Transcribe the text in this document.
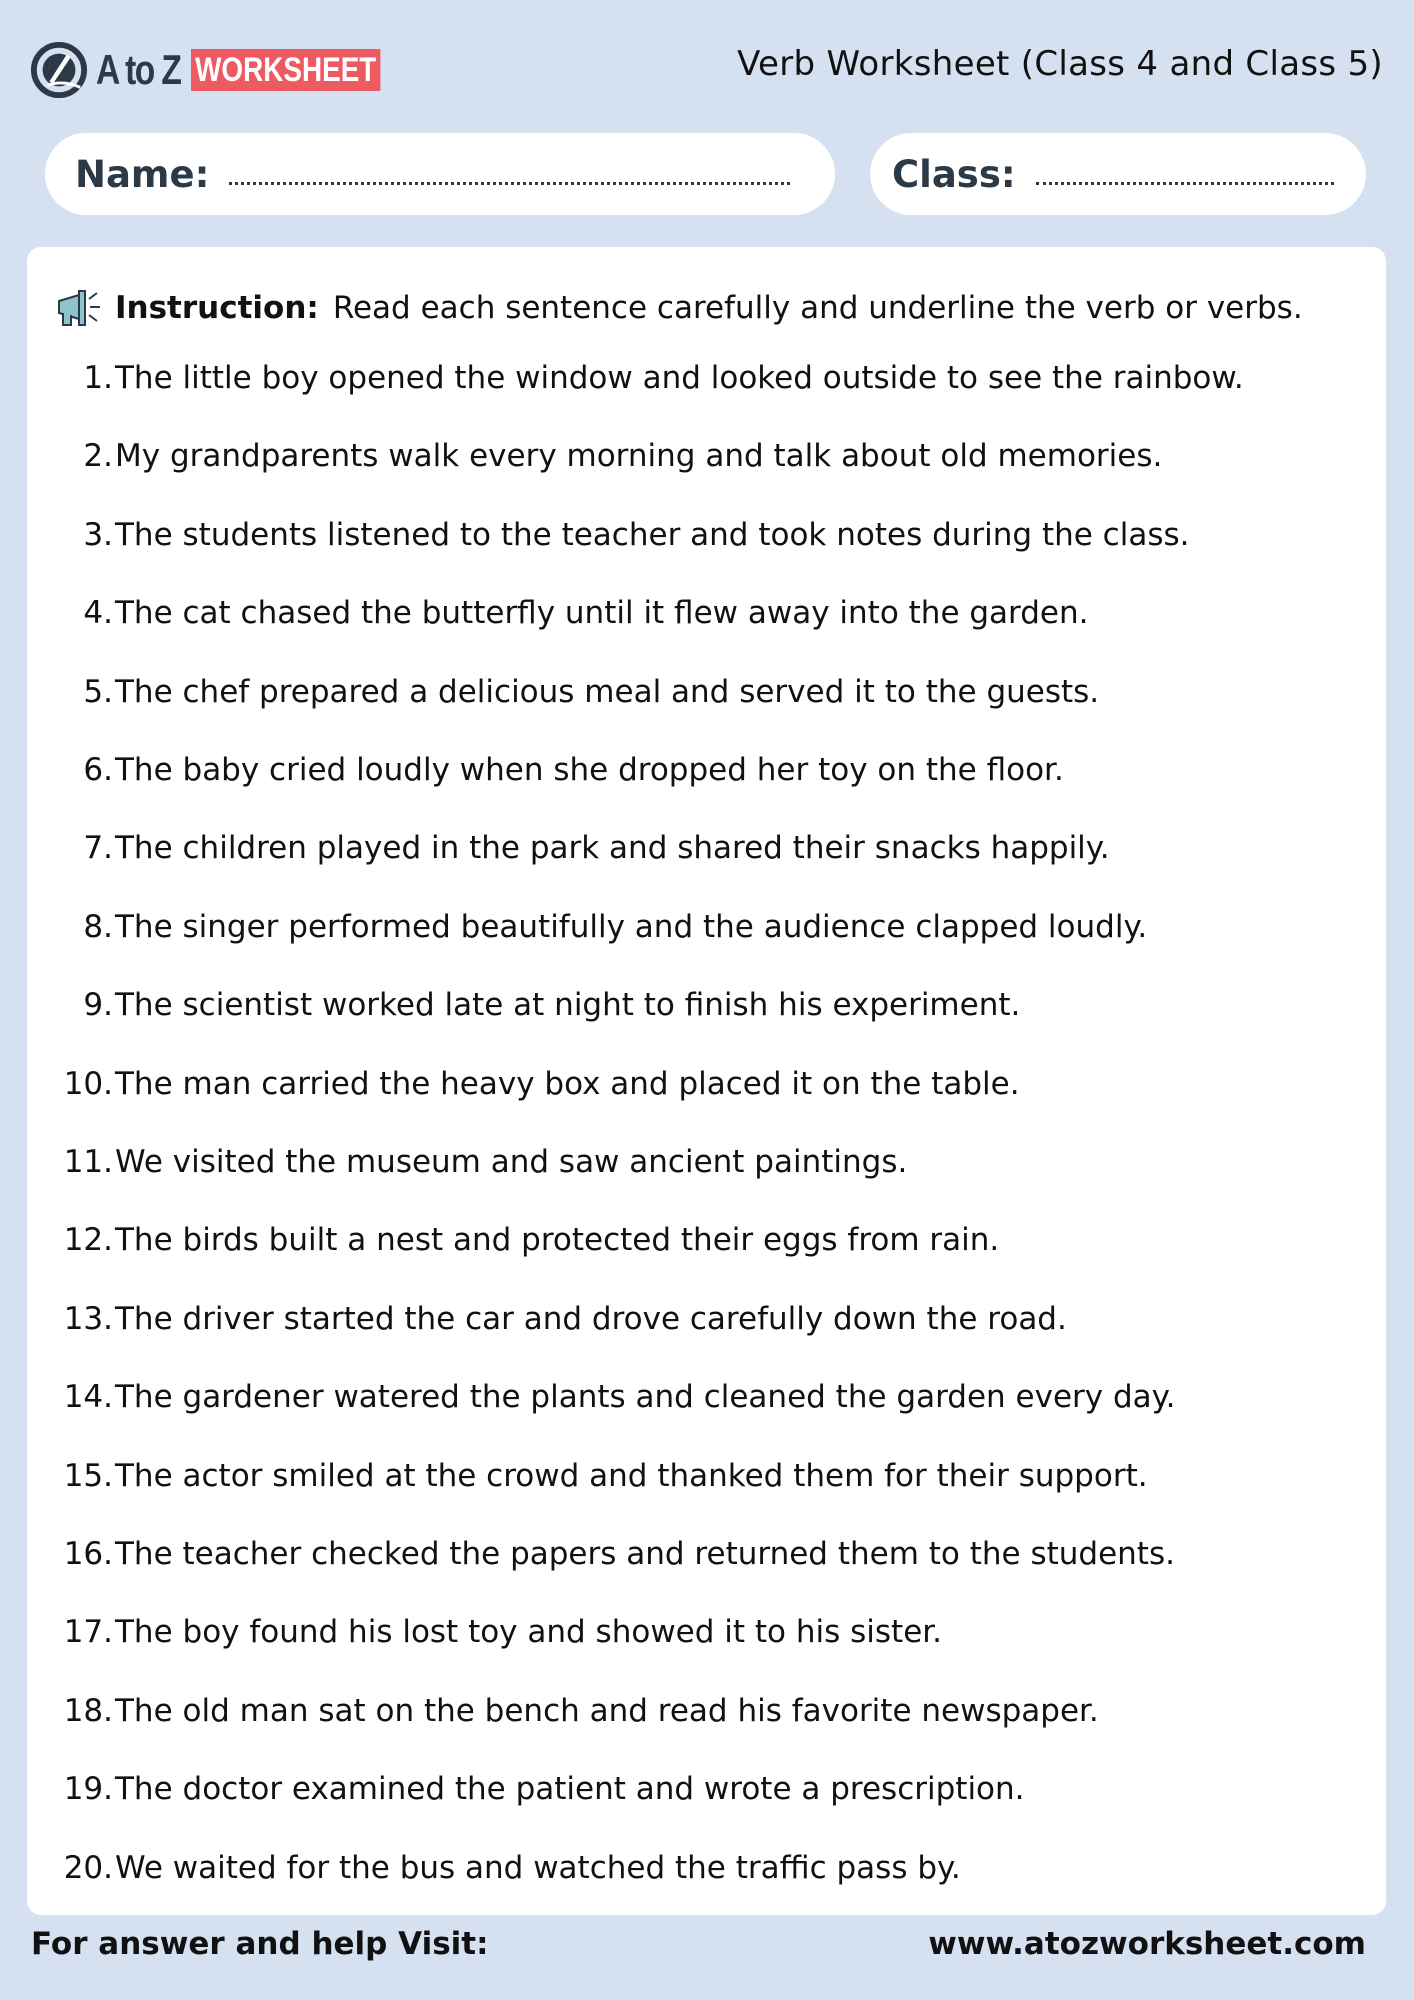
A to Z WORKSHEET	Verb Worksheet (Class 4 and Class 5)
Name:	Class:
Instruction: Read each sentence carefully and underline the verb or verbs.
1. The little boy opened the window and looked outside to see the rainbow.
2. My grandparents walk every morning and talk about old memories.
3. The students listened to the teacher and took notes during the class.
4. The cat chased the butterfly until it flew away into the garden.
5. The chef prepared a delicious meal and served it to the guests.
6. The baby cried loudly when she dropped her toy on the floor.
7. The children played in the park and shared their snacks happily.
8. The singer performed beautifully and the audience clapped loudly.
9. The scientist worked late at night to finish his experiment.
10. The man carried the heavy box and placed it on the table.
11. We visited the museum and saw ancient paintings.
12. The birds built a nest and protected their eggs from rain.
13. The driver started the car and drove carefully down the road.
14. The gardener watered the plants and cleaned the garden every day.
15. The actor smiled at the crowd and thanked them for their support.
16. The teacher checked the papers and returned them to the students.
17. The boy found his lost toy and showed it to his sister.
18. The old man sat on the bench and read his favorite newspaper.
19. The doctor examined the patient and wrote a prescription.
20. We waited for the bus and watched the traffic pass by.
For answer and help Visit:	www.atozworksheet.com
